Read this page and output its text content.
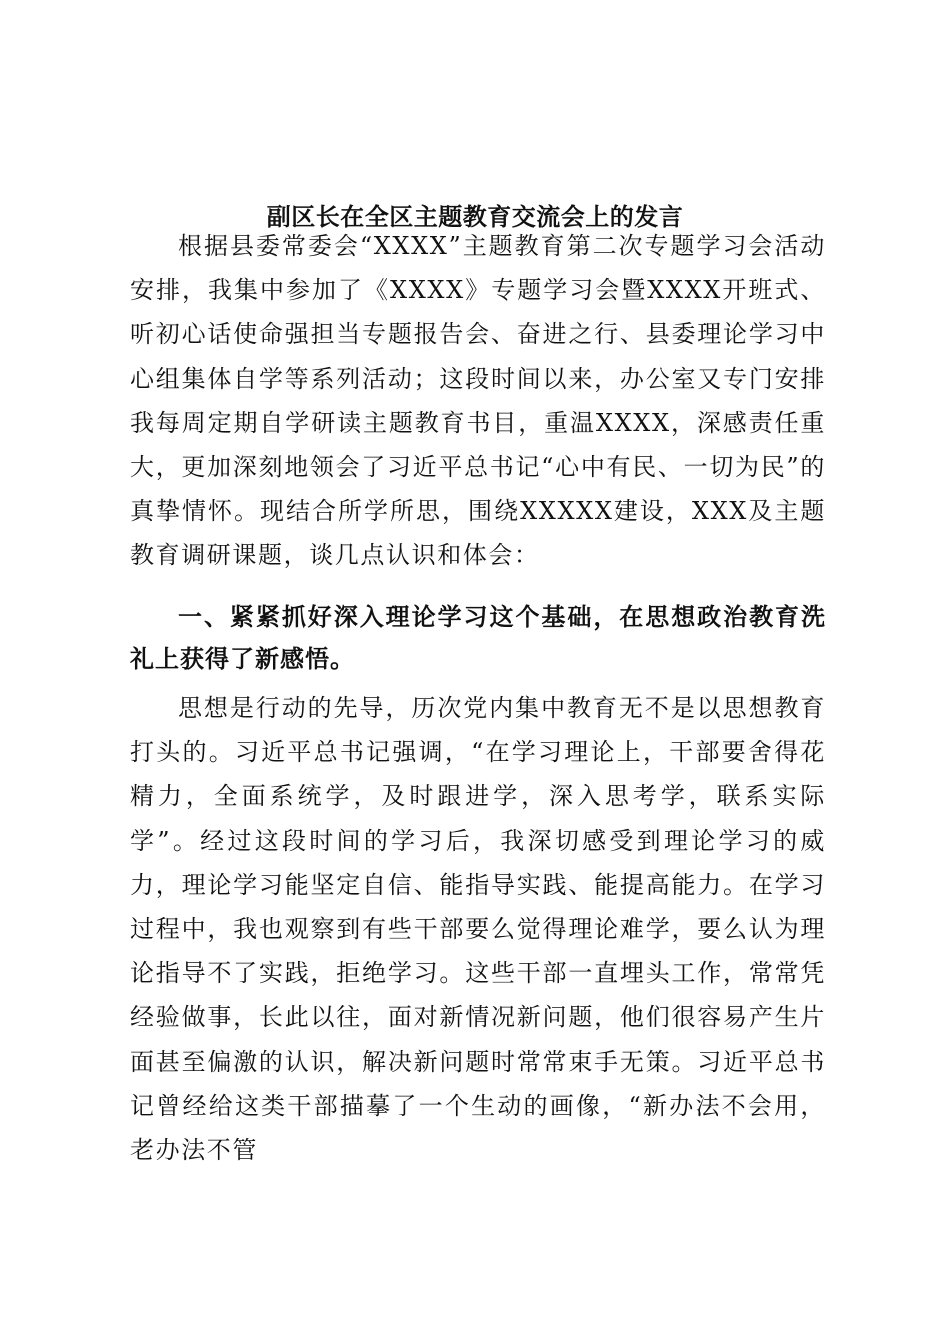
副区长在全区主题教育交流会上的发言

根据县委常委会“XXXX”主题教育第二次专题学习会活动安排，我集中参加了《XXXX》专题学习会暨XXXX开班式、听初心话使命强担当专题报告会、奋进之行、县委理论学习中心组集体自学等系列活动；这段时间以来，办公室又专门安排我每周定期自学研读主题教育书目，重温XXXX，深感责任重大，更加深刻地领会了习近平总书记“心中有民、一切为民”的真挚情怀。现结合所学所思，围绕XXXXX建设，XXX及主题教育调研课题，谈几点认识和体会：

一、紧紧抓好深入理论学习这个基础，在思想政治教育洗礼上获得了新感悟。

思想是行动的先导，历次党内集中教育无不是以思想教育打头的。习近平总书记强调，“在学习理论上，干部要舍得花精力，全面系统学，及时跟进学，深入思考学，联系实际学”。经过这段时间的学习后，我深切感受到理论学习的威力，理论学习能坚定自信、能指导实践、能提高能力。在学习过程中，我也观察到有些干部要么觉得理论难学，要么认为理论指导不了实践，拒绝学习。这些干部一直埋头工作，常常凭经验做事，长此以往，面对新情况新问题，他们很容易产生片面甚至偏激的认识，解决新问题时常常束手无策。习近平总书记曾经给这类干部描摹了一个生动的画像，“新办法不会用，老办法不管
